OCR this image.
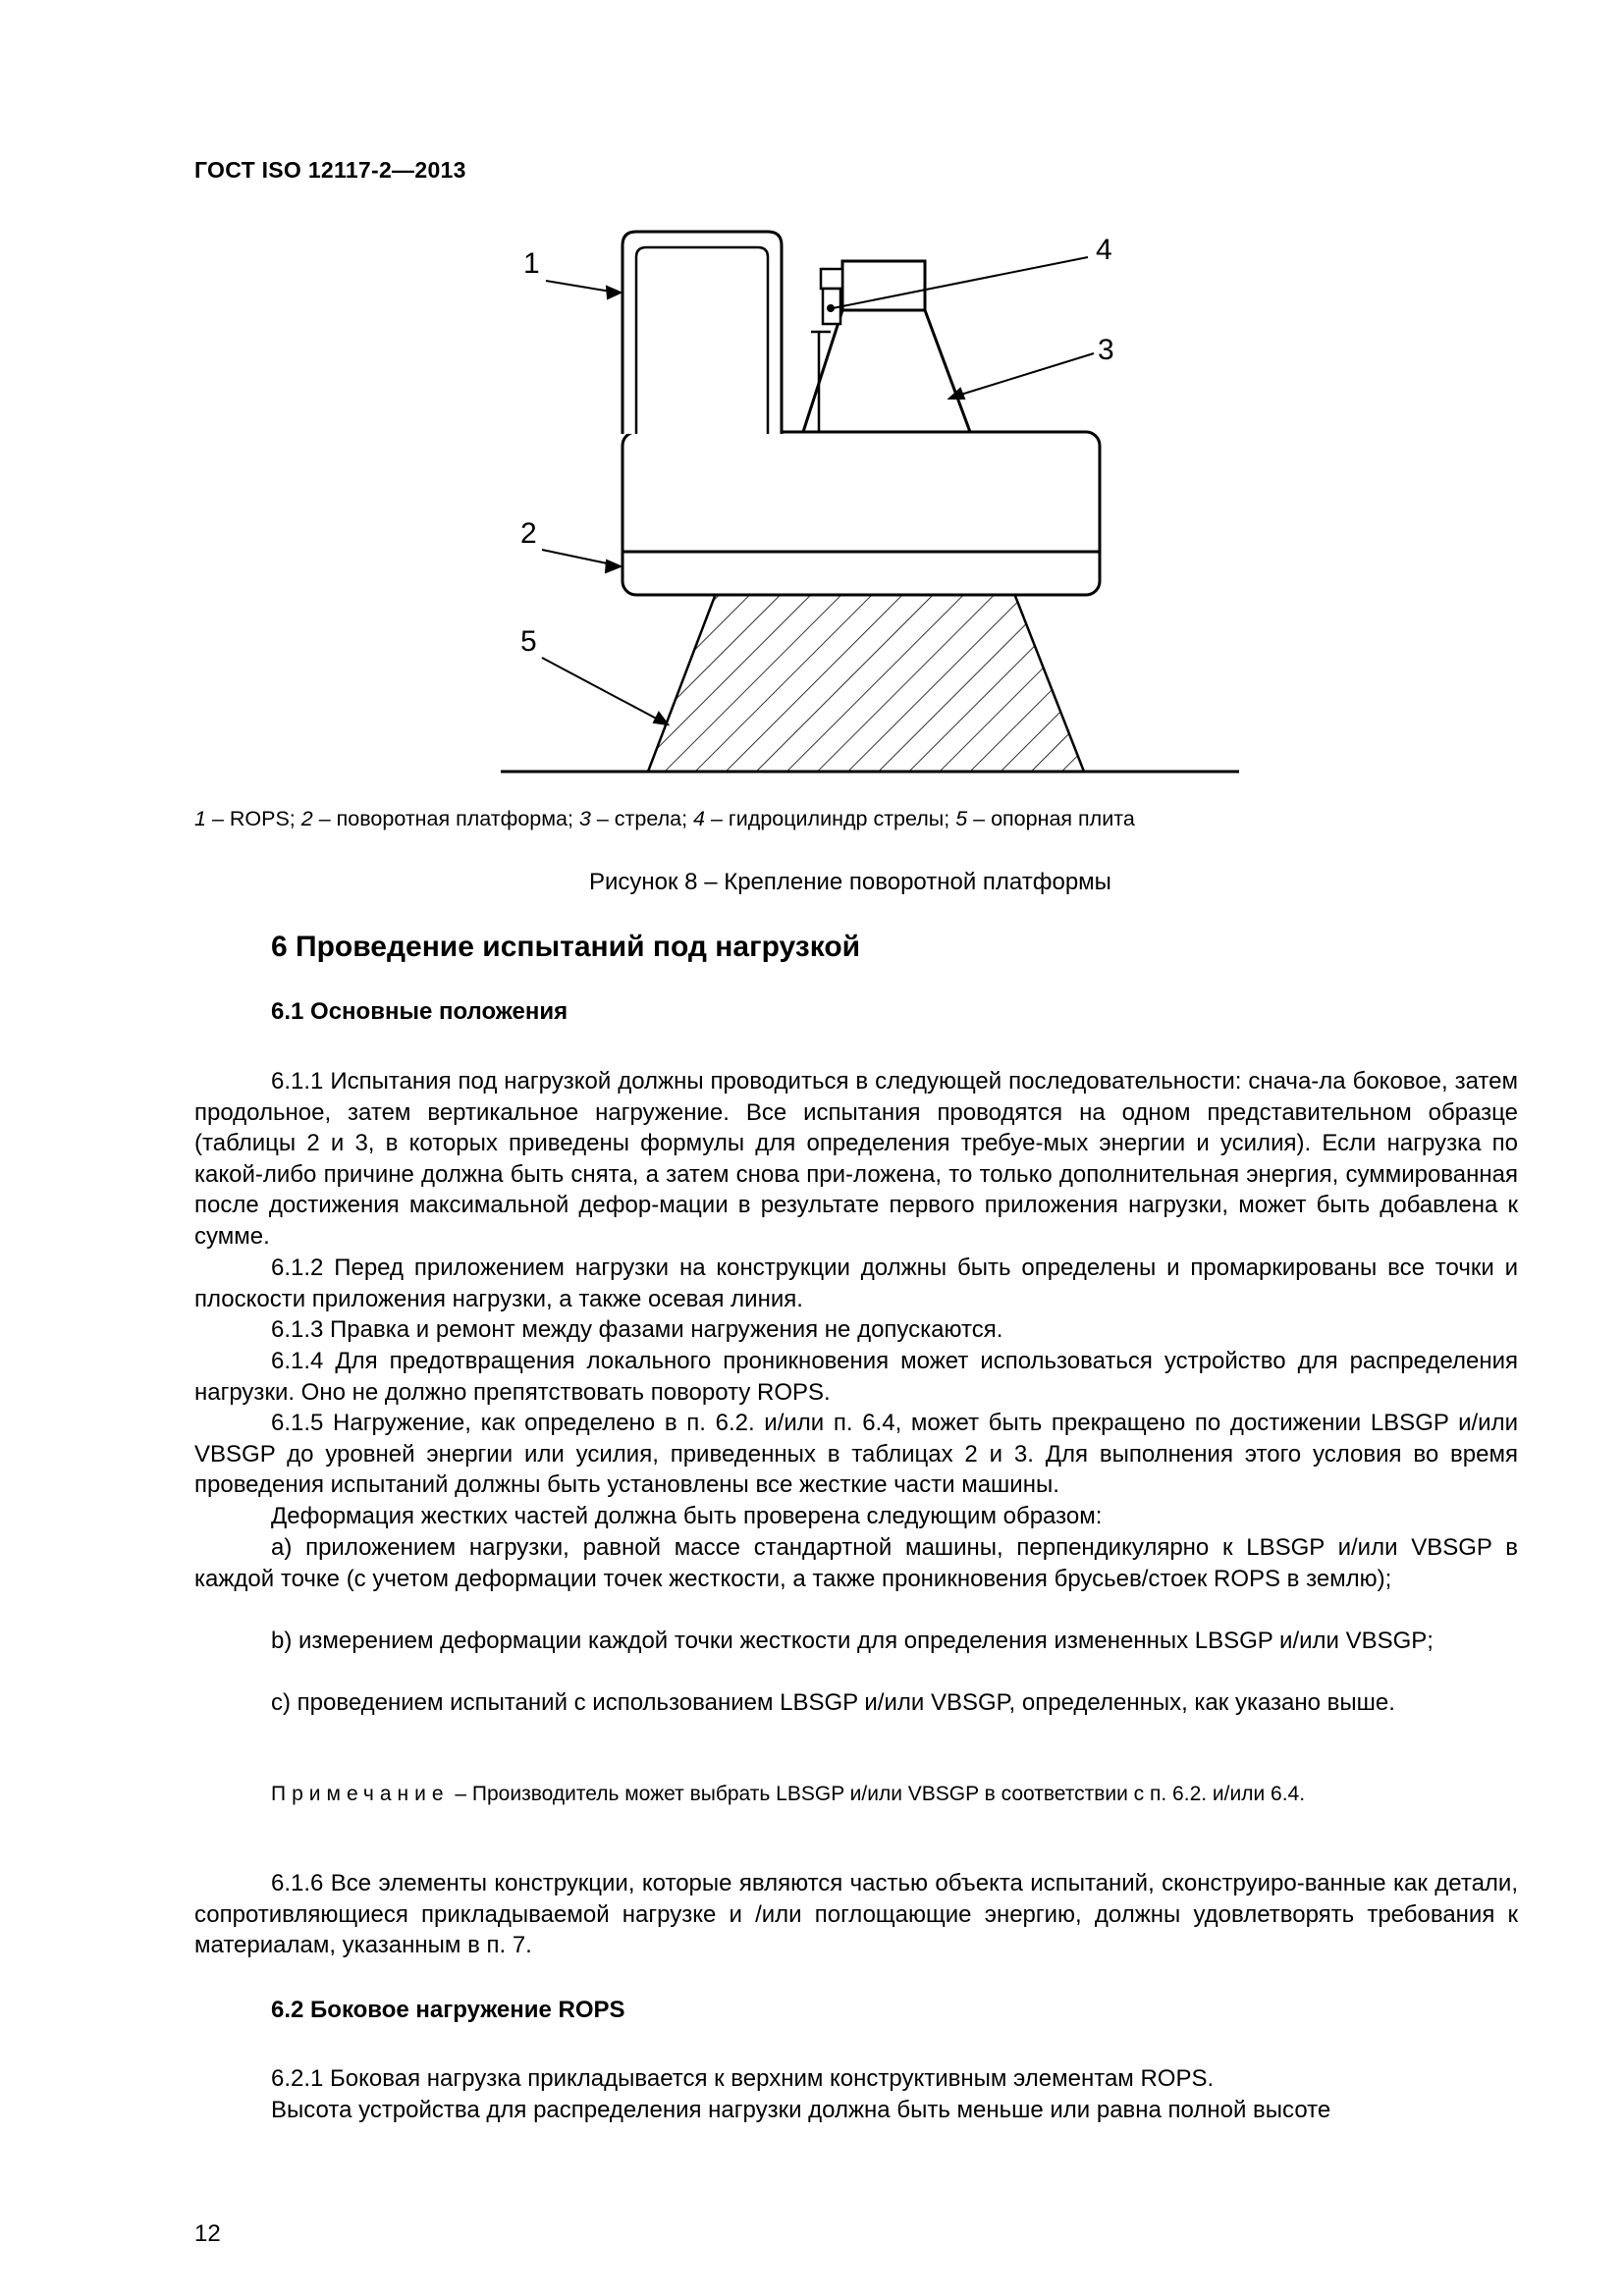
ГОСТ ISO 12117-2—2013
1
2
3
4
5
1 – ROPS; 2 – поворотная платформа; 3 – стрела; 4 – гидроцилиндр стрелы; 5 – опорная плита
Рисунок 8 – Крепление поворотной платформы
6 Проведение испытаний под нагрузкой
6.1 Основные положения
6.1.1 Испытания под нагрузкой должны проводиться в следующей последовательности: снача-ла боковое, затем продольное, затем вертикальное нагружение. Все испытания проводятся на одном представительном образце (таблицы 2 и 3, в которых приведены формулы для определения требуе-мых энергии и усилия). Если нагрузка по какой-либо причине должна быть снята, а затем снова при-ложена, то только дополнительная энергия, суммированная после достижения максимальной дефор-мации в результате первого приложения нагрузки, может быть добавлена к сумме.
6.1.2 Перед приложением нагрузки на конструкции должны быть определены и промаркированы все точки и плоскости приложения нагрузки, а также осевая линия.
6.1.3 Правка и ремонт между фазами нагружения не допускаются.
6.1.4 Для предотвращения локального проникновения может использоваться устройство для распределения нагрузки. Оно не должно препятствовать повороту ROPS.
6.1.5 Нагружение, как определено в п. 6.2. и/или п. 6.4, может быть прекращено по достижении LBSGP и/или VBSGP до уровней энергии или усилия, приведенных в таблицах 2 и 3. Для выполнения этого условия во время проведения испытаний должны быть установлены все жесткие части машины.
Деформация жестких частей должна быть проверена следующим образом:
a) приложением нагрузки, равной массе стандартной машины, перпендикулярно к LBSGP и/или VBSGP в каждой точке (с учетом деформации точек жесткости, а также проникновения брусьев/стоек ROPS в землю);
b) измерением деформации каждой точки жесткости для определения измененных LBSGP и/или VBSGP;
c) проведением испытаний с использованием LBSGP и/или VBSGP, определенных, как указано выше.
Примечание – Производитель может выбрать LBSGP и/или VBSGP в соответствии с п. 6.2. и/или 6.4.
6.1.6 Все элементы конструкции, которые являются частью объекта испытаний, сконструиро-ванные как детали, сопротивляющиеся прикладываемой нагрузке и /или поглощающие энергию, должны удовлетворять требования к материалам, указанным в п. 7.
6.2 Боковое нагружение ROPS
6.2.1 Боковая нагрузка прикладывается к верхним конструктивным элементам ROPS.
Высота устройства для распределения нагрузки должна быть меньше или равна полной высоте
12
